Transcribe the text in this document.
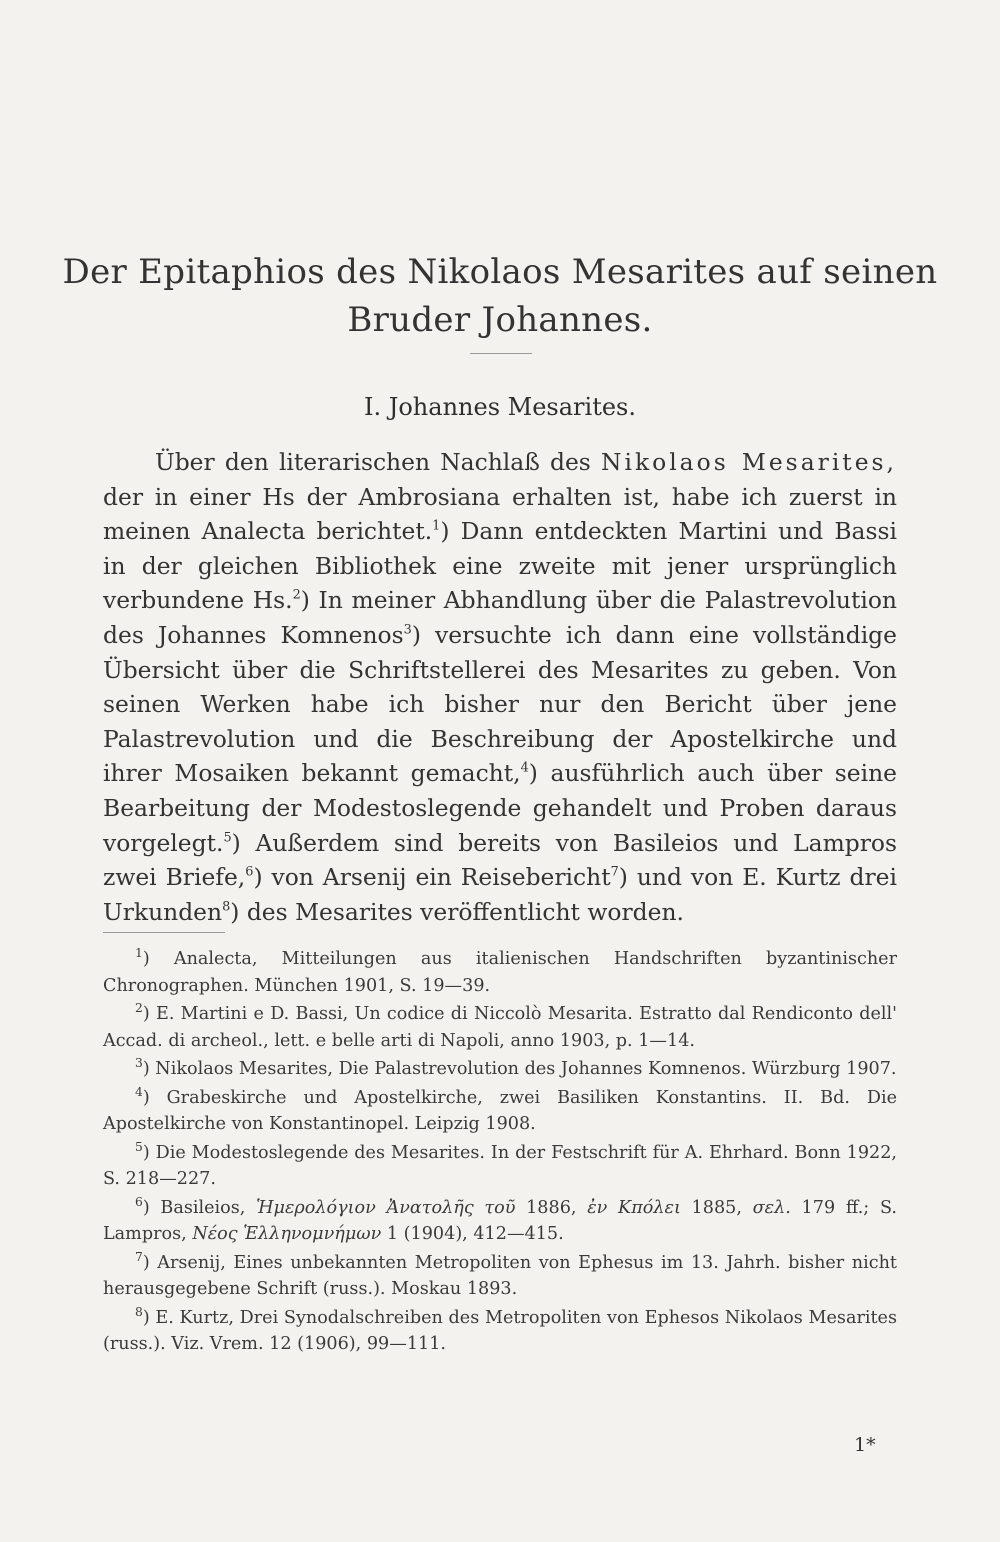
Der Epitaphios des Nikolaos Mesarites auf seinen
Bruder Johannes.
I. Johannes Mesarites.

Über den literarischen Nachlaß des Nikolaos Mesarites, der in einer Hs der Ambrosiana erhalten ist, habe ich zuerst in meinen Analecta berichtet.$^1$) Dann entdeckten Martini und Bassi in der gleichen Bibliothek eine zweite mit jener ursprünglich verbundene Hs.$^2$) In meiner Abhandlung über die Palastrevolution des Johannes Komnenos$^3$) versuchte ich dann eine vollständige Übersicht über die Schriftstellerei des Mesarites zu geben. Von seinen Werken habe ich bisher nur den Bericht über jene Palastrevolution und die Beschreibung der Apostelkirche und ihrer Mosaiken bekannt gemacht,$^4$) ausführlich auch über seine Bearbeitung der Modestoslegende gehandelt und Proben daraus vorgelegt.$^5$) Außerdem sind bereits von Basileios und Lampros zwei Briefe,$^6$) von Arsenij ein Reisebericht$^7$) und von E. Kurtz drei Urkunden$^8$) des Mesarites veröffentlicht worden.

$^1$) Analecta, Mitteilungen aus italienischen Handschriften byzantinischer Chronographen. München 1901, S. 19—39.

$^2$) E. Martini e D. Bassi, Un codice di Niccolò Mesarita. Estratto dal Rendiconto dell' Accad. di archeol., lett. e belle arti di Napoli, anno 1903, p. 1—14.

$^3$) Nikolaos Mesarites, Die Palastrevolution des Johannes Komnenos. Würzburg 1907.

$^4$) Grabeskirche und Apostelkirche, zwei Basiliken Konstantins. II. Bd. Die Apostelkirche von Konstantinopel. Leipzig 1908.

$^5$) Die Modestoslegende des Mesarites. In der Festschrift für A. Ehrhard. Bonn 1922, S. 218—227.

$^6$) Basileios, Ἡμερολόγιον Ἀνατολῆς τοῦ 1886, ἐν Κπόλει 1885, σελ. 179 ff.; S. Lampros, Νέος Ἑλληνομνήμων 1 (1904), 412—415.

$^7$) Arsenij, Eines unbekannten Metropoliten von Ephesus im 13. Jahrh. bisher nicht herausgegebene Schrift (russ.). Moskau 1893.

$^8$) E. Kurtz, Drei Synodalschreiben des Metropoliten von Ephesos Nikolaos Mesarites (russ.). Viz. Vrem. 12 (1906), 99—111.

1*
